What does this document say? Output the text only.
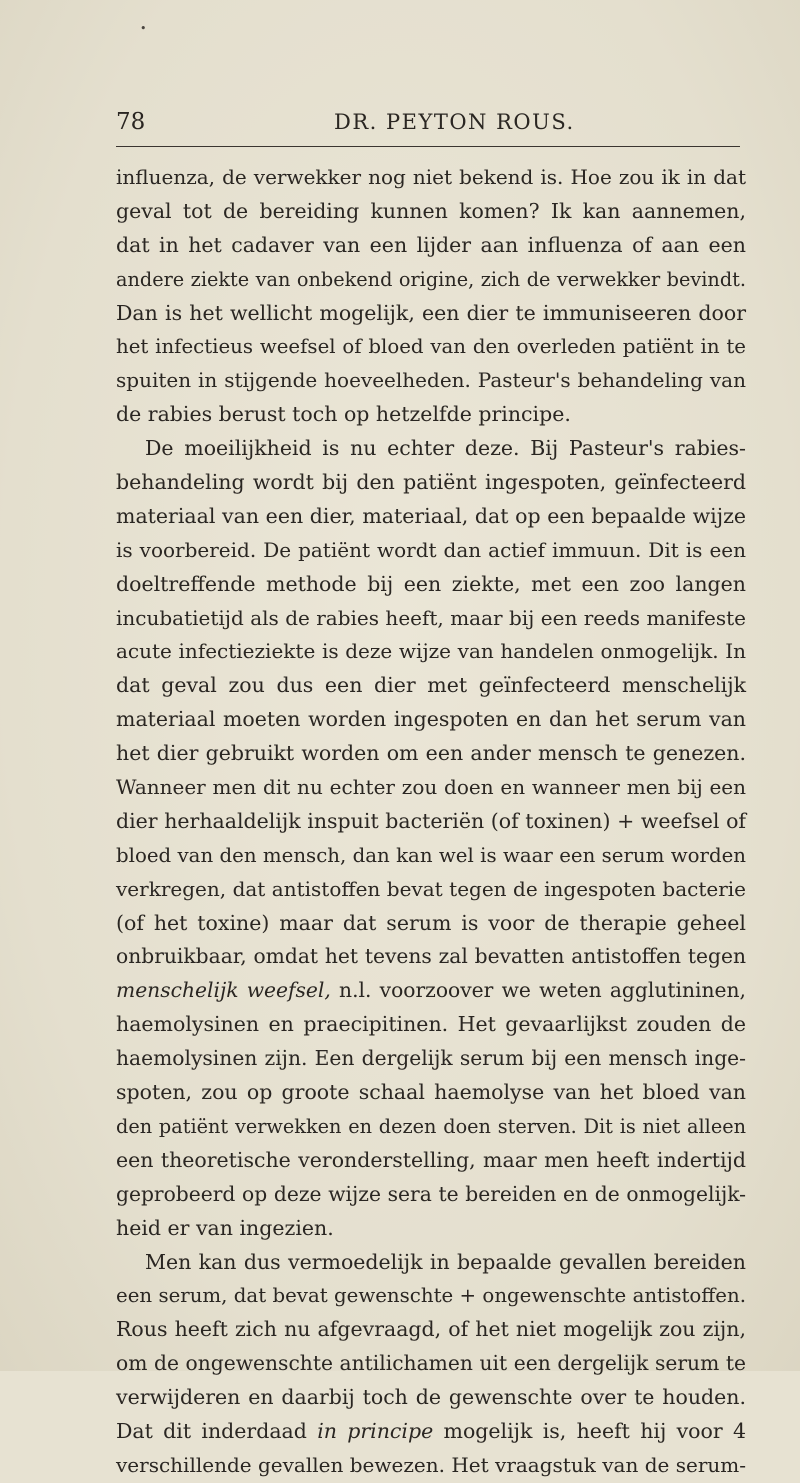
•
78	DR. PEYTON ROUS.
influenza, de verwekker nog niet bekend is. Hoe zou ik in dat
geval tot de bereiding kunnen komen? Ik kan aannemen,
dat in het cadaver van een lijder aan influenza of aan een
andere ziekte van onbekend origine, zich de verwekker bevindt.
Dan is het wellicht mogelijk, een dier te immuniseeren door
het infectieus weefsel of bloed van den overleden patiënt in te
spuiten in stijgende hoeveelheden. Pasteur's behandeling van
de rabies berust toch op hetzelfde principe.
De moeilijkheid is nu echter deze. Bij Pasteur's rabies-
behandeling wordt bij den patiënt ingespoten, geïnfecteerd
materiaal van een dier, materiaal, dat op een bepaalde wijze
is voorbereid. De patiënt wordt dan actief immuun. Dit is een
doeltreffende methode bij een ziekte, met een zoo langen
incubatietijd als de rabies heeft, maar bij een reeds manifeste
acute infectieziekte is deze wijze van handelen onmogelijk. In
dat geval zou dus een dier met geïnfecteerd menschelijk
materiaal moeten worden ingespoten en dan het serum van
het dier gebruikt worden om een ander mensch te genezen.
Wanneer men dit nu echter zou doen en wanneer men bij een
dier herhaaldelijk inspuit bacteriën (of toxinen) + weefsel of
bloed van den mensch, dan kan wel is waar een serum worden
verkregen, dat antistoffen bevat tegen de ingespoten bacterie
(of het toxine) maar dat serum is voor de therapie geheel
onbruikbaar, omdat het tevens zal bevatten antistoffen tegen
menschelijk weefsel, n.l. voorzoover we weten agglutininen,
haemolysinen en praecipitinen. Het gevaarlijkst zouden de
haemolysinen zijn. Een dergelijk serum bij een mensch inge-
spoten, zou op groote schaal haemolyse van het bloed van
den patiënt verwekken en dezen doen sterven. Dit is niet alleen
een theoretische veronderstelling, maar men heeft indertijd
geprobeerd op deze wijze sera te bereiden en de onmogelijk-
heid er van ingezien.
Men kan dus vermoedelijk in bepaalde gevallen bereiden
een serum, dat bevat gewenschte + ongewenschte antistoffen.
Rous heeft zich nu afgevraagd, of het niet mogelijk zou zijn,
om de ongewenschte antilichamen uit een dergelijk serum te
verwijderen en daarbij toch de gewenschte over te houden.
Dat dit inderdaad in principe mogelijk is, heeft hij voor 4
verschillende gevallen bewezen. Het vraagstuk van de serum-
